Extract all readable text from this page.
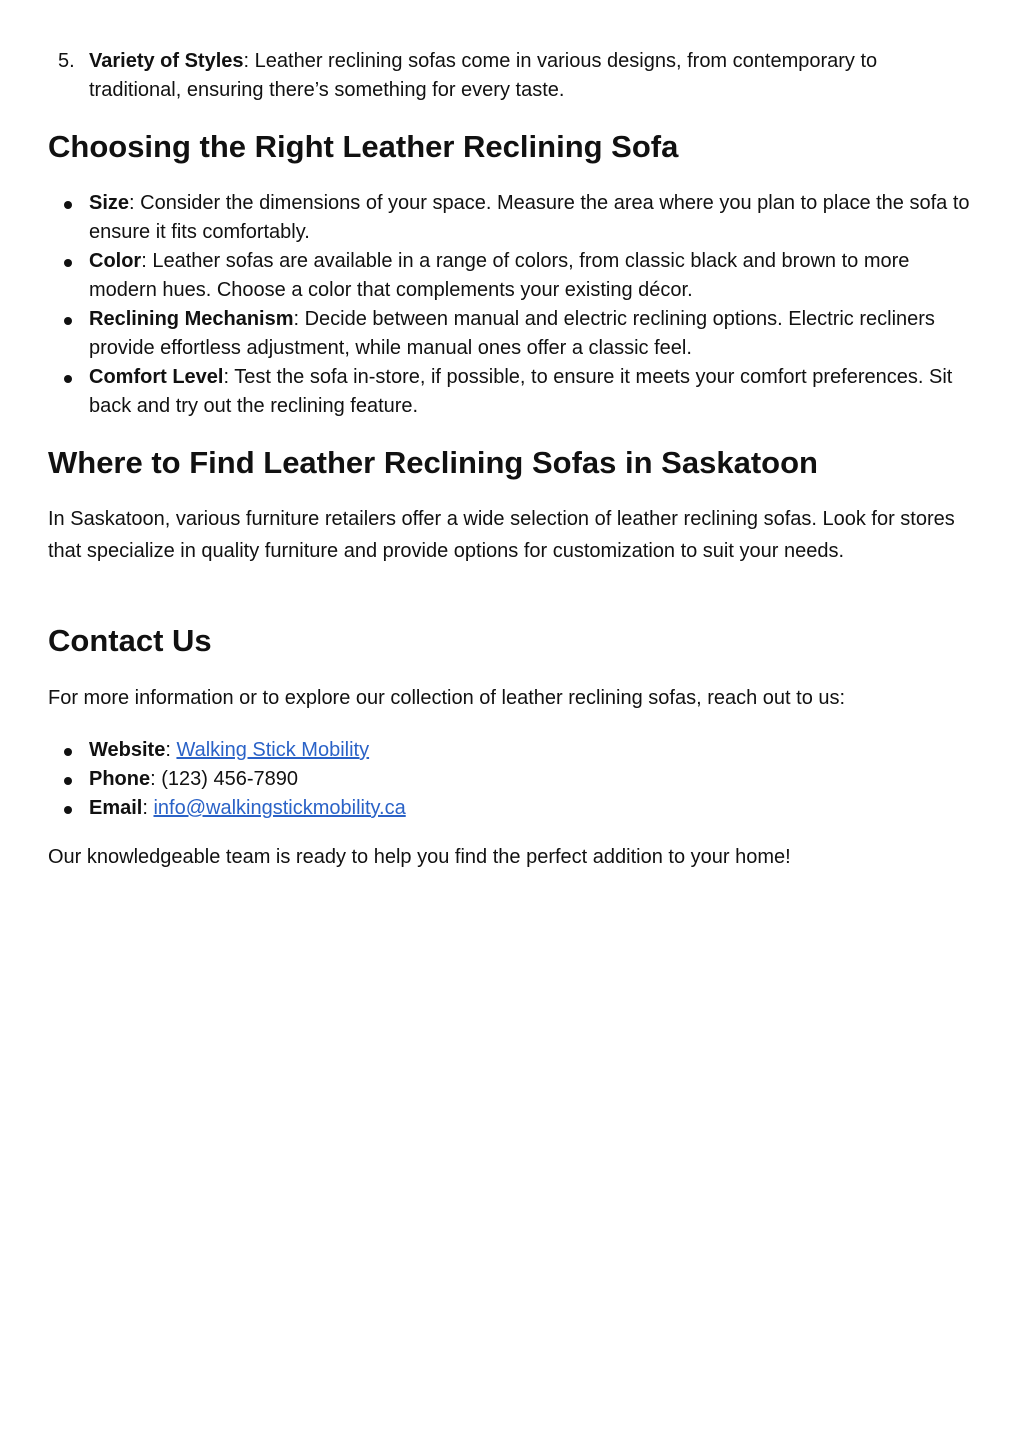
5. Variety of Styles: Leather reclining sofas come in various designs, from contemporary to traditional, ensuring there’s something for every taste.
Choosing the Right Leather Reclining Sofa
Size: Consider the dimensions of your space. Measure the area where you plan to place the sofa to ensure it fits comfortably.
Color: Leather sofas are available in a range of colors, from classic black and brown to more modern hues. Choose a color that complements your existing décor.
Reclining Mechanism: Decide between manual and electric reclining options. Electric recliners provide effortless adjustment, while manual ones offer a classic feel.
Comfort Level: Test the sofa in-store, if possible, to ensure it meets your comfort preferences. Sit back and try out the reclining feature.
Where to Find Leather Reclining Sofas in Saskatoon

In Saskatoon, various furniture retailers offer a wide selection of leather reclining sofas. Look for stores that specialize in quality furniture and provide options for customization to suit your needs.

Contact Us

For more information or to explore our collection of leather reclining sofas, reach out to us:

Website: Walking Stick Mobility
Phone: (123) 456-7890
Email: info@walkingstickmobility.ca

Our knowledgeable team is ready to help you find the perfect addition to your home!
